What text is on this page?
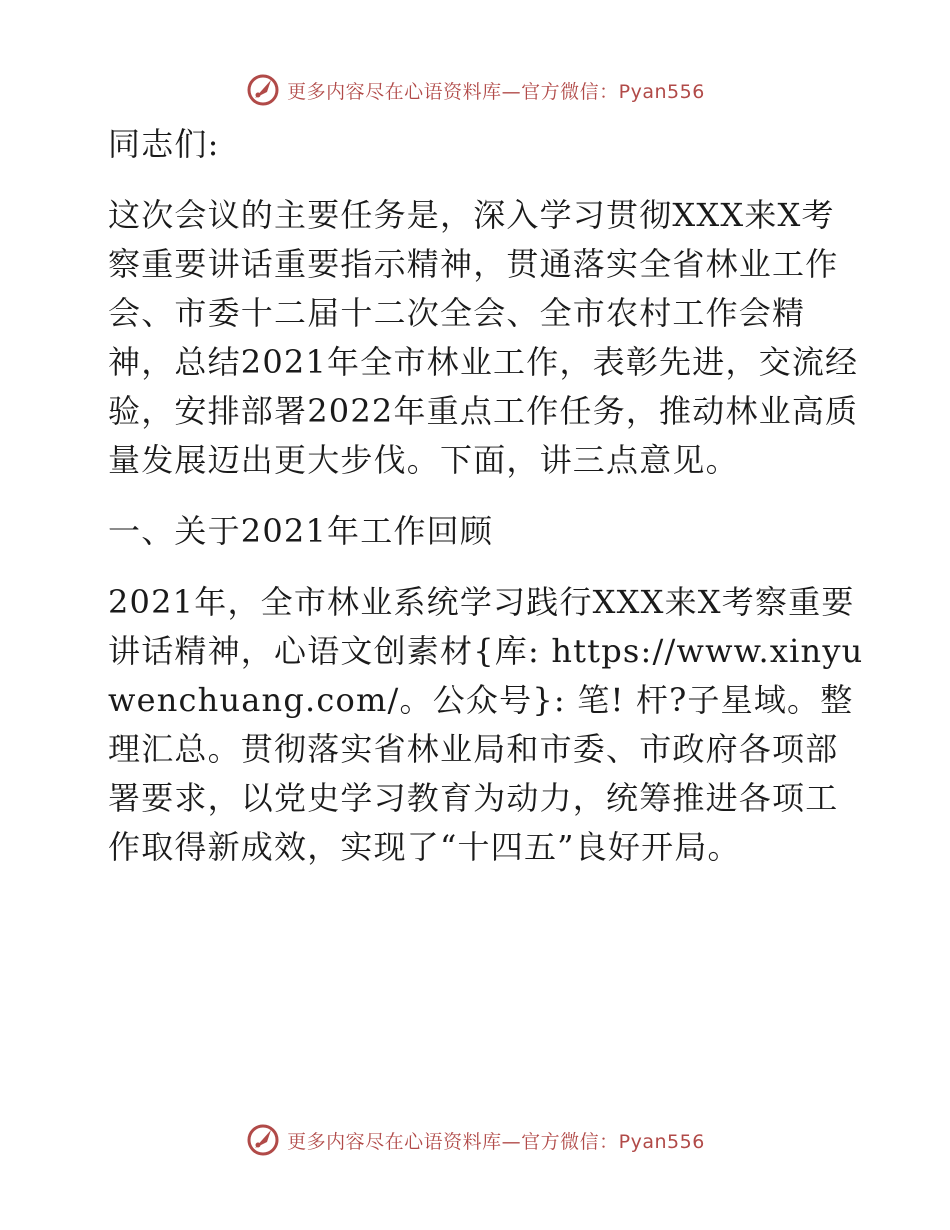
更多内容尽在心语资料库—官方微信：Pyan556

同志们:

这次会议的主要任务是，深入学习贯彻XXX来X考察重要讲话重要指示精神，贯通落实全省林业工作会、市委十二届十二次全会、全市农村工作会精神，总结2021年全市林业工作，表彰先进，交流经验，安排部署2022年重点工作任务，推动林业高质量发展迈出更大步伐。下面，讲三点意见。

一、关于2021年工作回顾

2021年，全市林业系统学习践行XXX来X考察重要讲话精神，心语文创素材{库: https://www.xinyuwenchuang.com/。公众号}: 笔! 杆?子星域。整理汇总。贯彻落实省林业局和市委、市政府各项部署要求，以党史学习教育为动力，统筹推进各项工作取得新成效，实现了“十四五”良好开局。

更多内容尽在心语资料库—官方微信：Pyan556
